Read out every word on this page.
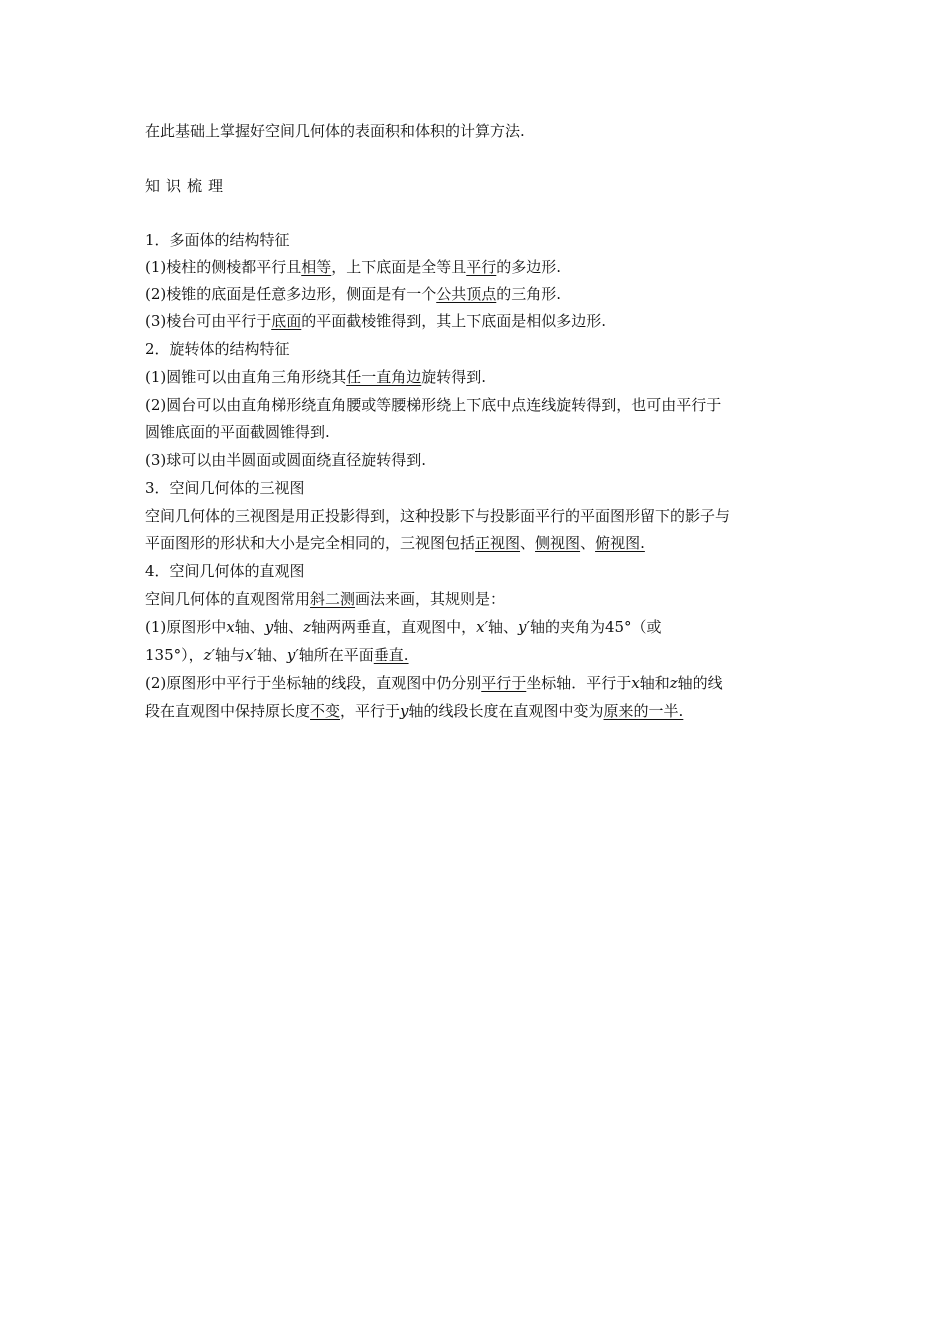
在此基础上掌握好空间几何体的表面积和体积的计算方法.
知识梳理
1．多面体的结构特征
(1)棱柱的侧棱都平行且相等，上下底面是全等且平行的多边形.
(2)棱锥的底面是任意多边形，侧面是有一个公共顶点的三角形.
(3)棱台可由平行于底面的平面截棱锥得到，其上下底面是相似多边形.
2．旋转体的结构特征
(1)圆锥可以由直角三角形绕其任一直角边旋转得到.
(2)圆台可以由直角梯形绕直角腰或等腰梯形绕上下底中点连线旋转得到，也可由平行于
圆锥底面的平面截圆锥得到.
(3)球可以由半圆面或圆面绕直径旋转得到.
3．空间几何体的三视图
空间几何体的三视图是用正投影得到，这种投影下与投影面平行的平面图形留下的影子与
平面图形的形状和大小是完全相同的，三视图包括正视图、侧视图、俯视图.
4．空间几何体的直观图
空间几何体的直观图常用斜二测画法来画，其规则是：
(1)原图形中x轴、y轴、z轴两两垂直，直观图中，x′轴、y′轴的夹角为45°（或
135°），z′轴与x′轴、y′轴所在平面垂直.
(2)原图形中平行于坐标轴的线段，直观图中仍分别平行于坐标轴．平行于x轴和z轴的线
段在直观图中保持原长度不变，平行于y轴的线段长度在直观图中变为原来的一半.
